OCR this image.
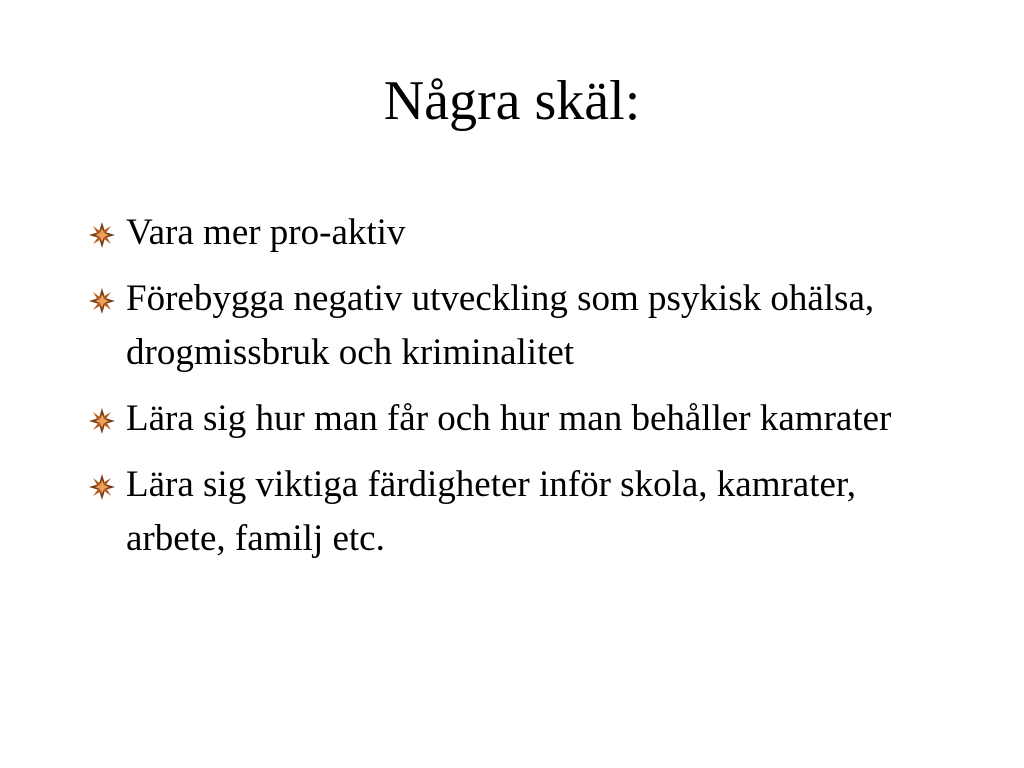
Några skäl:
Vara mer pro-aktiv
Förebygga negativ utveckling som psykisk ohälsa, drogmissbruk och kriminalitet
Lära sig hur man får och hur man behåller kamrater
Lära sig viktiga färdigheter inför skola, kamrater, arbete, familj etc.
